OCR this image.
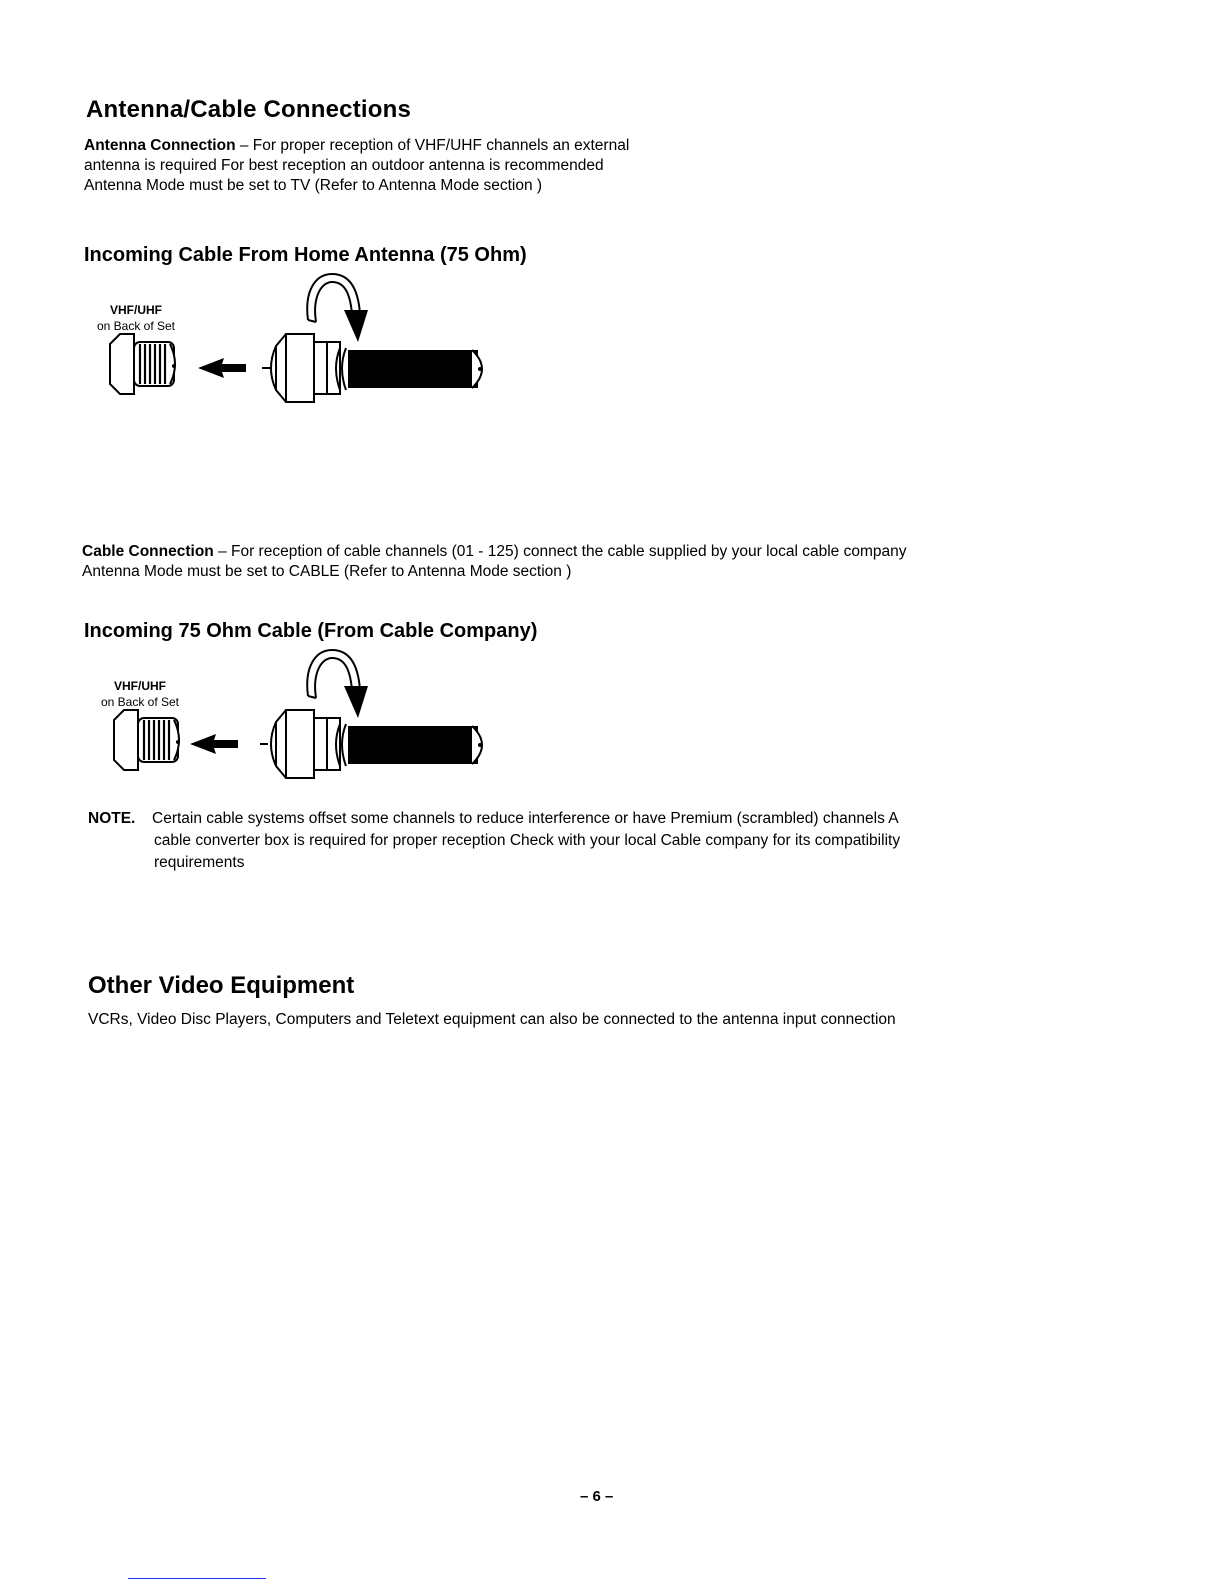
Antenna/Cable Connections
Antenna Connection – For proper reception of VHF/UHF channels an external
antenna is required For best reception an outdoor antenna is recommended
Antenna Mode must be set to TV (Refer to Antenna Mode section )
Incoming Cable From Home Antenna (75 Ohm)
VHF/UHF
on Back of Set
Cable Connection – For reception of cable channels (01 - 125) connect the cable supplied by your local cable company
Antenna Mode must be set to CABLE (Refer to Antenna Mode section )
Incoming 75 Ohm Cable (From Cable Company)
VHF/UHF
on Back of Set
NOTE. Certain cable systems offset some channels to reduce interference or have Premium (scrambled) channels A
cable converter box is required for proper reception Check with your local Cable company for its compatibility
requirements
Other Video Equipment
VCRs, Video Disc Players, Computers and Teletext equipment can also be connected to the antenna input connection
– 6 –
